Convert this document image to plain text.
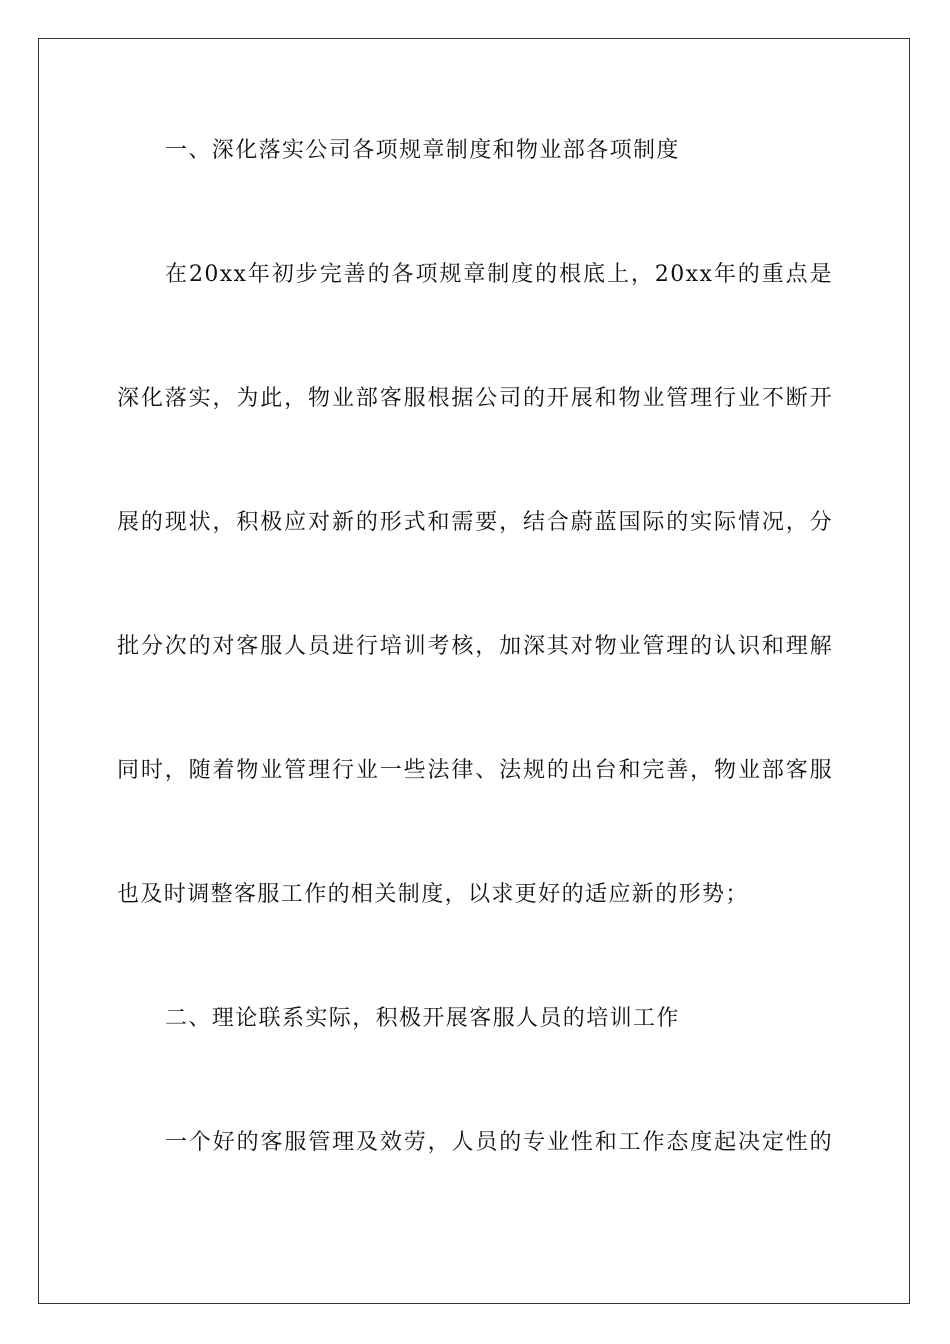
一、深化落实公司各项规章制度和物业部各项制度
在20xx年初步完善的各项规章制度的根底上，20xx年的重点是
深化落实，为此，物业部客服根据公司的开展和物业管理行业不断开
展的现状，积极应对新的形式和需要，结合蔚蓝国际的实际情况，分
批分次的对客服人员进行培训考核，加深其对物业管理的认识和理解
同时，随着物业管理行业一些法律、法规的出台和完善，物业部客服
也及时调整客服工作的相关制度，以求更好的适应新的形势；
二、理论联系实际，积极开展客服人员的培训工作
一个好的客服管理及效劳，人员的专业性和工作态度起决定性的
